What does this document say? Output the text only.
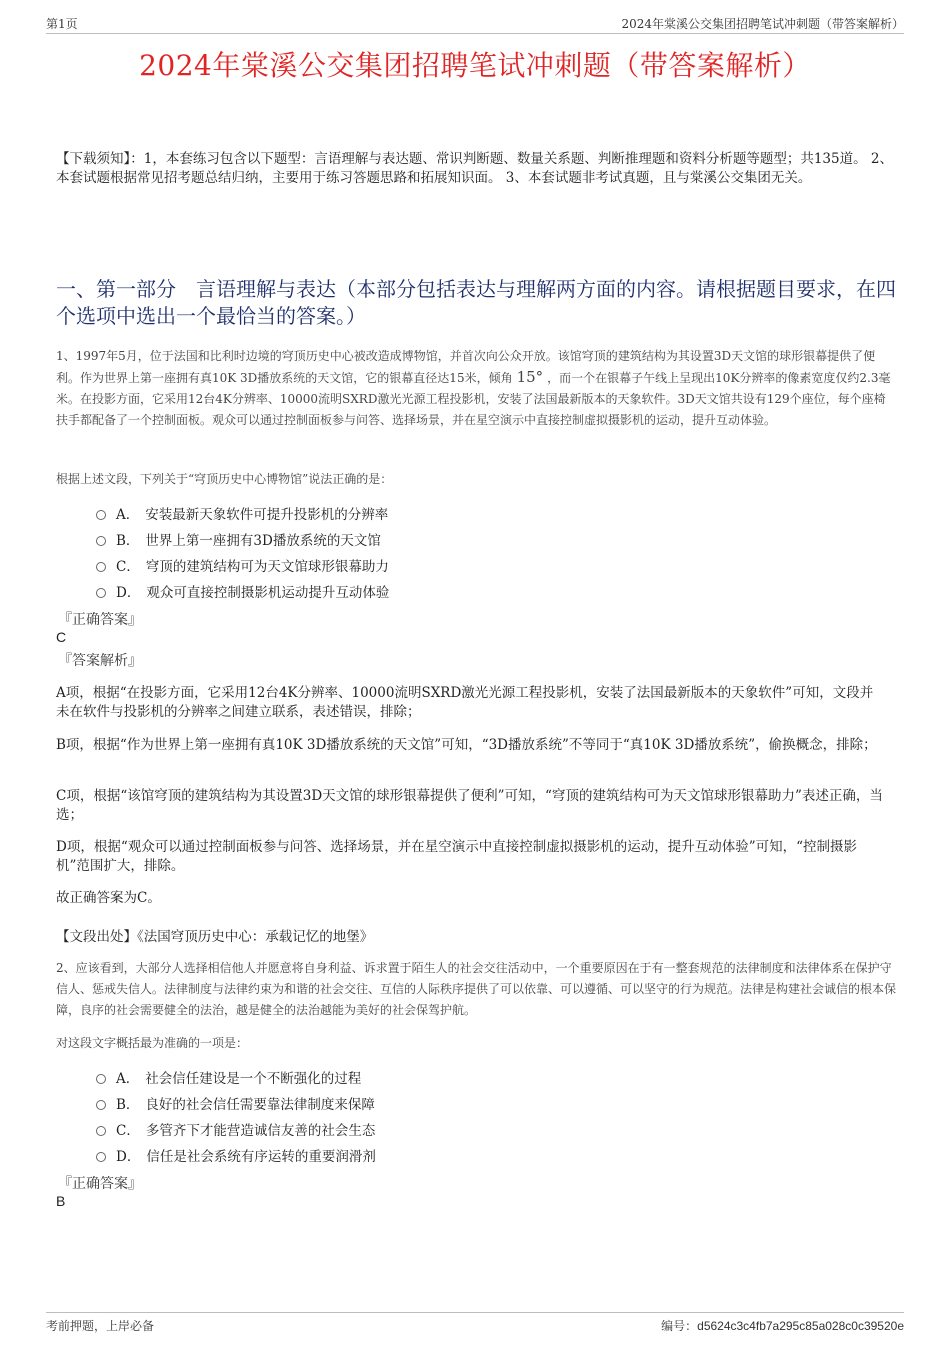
第1页	2024年棠溪公交集团招聘笔试冲刺题（带答案解析）
2024年棠溪公交集团招聘笔试冲刺题（带答案解析）
【下载须知】：1，本套练习包含以下题型：言语理解与表达题、常识判断题、数量关系题、判断推理题和资料分析题等题型；共135道。 2、本套试题根据常见招考题总结归纳，主要用于练习答题思路和拓展知识面。 3、本套试题非考试真题，且与棠溪公交集团无关。
一、第一部分　言语理解与表达（本部分包括表达与理解两方面的内容。请根据题目要求，在四个选项中选出一个最恰当的答案。）
1、1997年5月，位于法国和比利时边境的穹顶历史中心被改造成博物馆，并首次向公众开放。该馆穹顶的建筑结构为其设置3D天文馆的球形银幕提供了便利。作为世界上第一座拥有真10K 3D播放系统的天文馆，它的银幕直径达15米，倾角 15° ，而一个在银幕子午线上呈现出10K分辨率的像素宽度仅约2.3毫米。在投影方面，它采用12台4K分辨率、10000流明SXRD激光光源工程投影机，安装了法国最新版本的天象软件。3D天文馆共设有129个座位，每个座椅扶手都配备了一个控制面板。观众可以通过控制面板参与问答、选择场景，并在星空演示中直接控制虚拟摄影机的运动，提升互动体验。
根据上述文段，下列关于“穹顶历史中心博物馆”说法正确的是：
A． 安装最新天象软件可提升投影机的分辨率
B． 世界上第一座拥有3D播放系统的天文馆
C． 穹顶的建筑结构可为天文馆球形银幕助力
D． 观众可直接控制摄影机运动提升互动体验
『正确答案』
C
『答案解析』
A项，根据“在投影方面，它采用12台4K分辨率、10000流明SXRD激光光源工程投影机，安装了法国最新版本的天象软件”可知，文段并未在软件与投影机的分辨率之间建立联系，表述错误，排除；
B项，根据“作为世界上第一座拥有真10K 3D播放系统的天文馆”可知，“3D播放系统”不等同于“真10K 3D播放系统”，偷换概念，排除；
C项，根据“该馆穹顶的建筑结构为其设置3D天文馆的球形银幕提供了便利”可知，“穹顶的建筑结构可为天文馆球形银幕助力”表述正确，当选；
D项，根据“观众可以通过控制面板参与问答、选择场景，并在星空演示中直接控制虚拟摄影机的运动，提升互动体验”可知，“控制摄影机”范围扩大，排除。
故正确答案为C。
【文段出处】《法国穹顶历史中心：承载记忆的地堡》
2、应该看到，大部分人选择相信他人并愿意将自身利益、诉求置于陌生人的社会交往活动中，一个重要原因在于有一整套规范的法律制度和法律体系在保护守信人、惩戒失信人。法律制度与法律约束为和谐的社会交往、互信的人际秩序提供了可以依靠、可以遵循、可以坚守的行为规范。法律是构建社会诚信的根本保障，良序的社会需要健全的法治，越是健全的法治越能为美好的社会保驾护航。
对这段文字概括最为准确的一项是：
A． 社会信任建设是一个不断强化的过程
B． 良好的社会信任需要靠法律制度来保障
C． 多管齐下才能营造诚信友善的社会生态
D． 信任是社会系统有序运转的重要润滑剂
『正确答案』
B
考前押题，上岸必备	编号：d5624c3c4fb7a295c85a028c0c39520e
